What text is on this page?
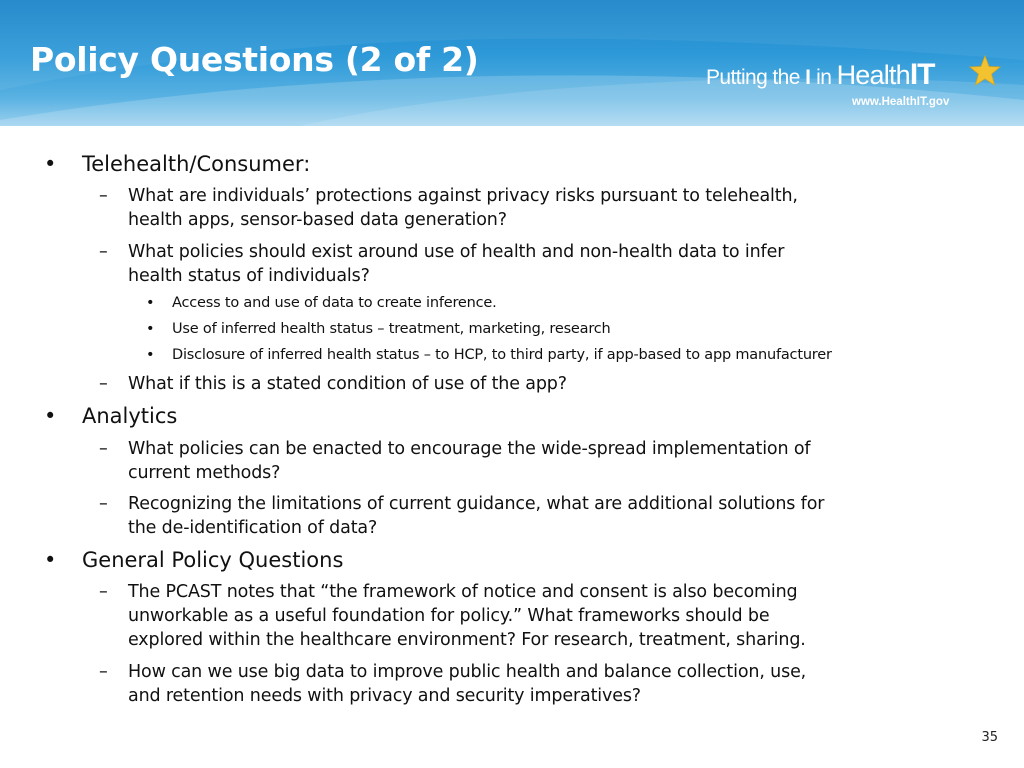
Policy Questions (2 of 2)	Putting the I in HealthIT
www.HealthIT.gov
• Telehealth/Consumer:
– What are individuals’ protections against privacy risks pursuant to telehealth,
health apps, sensor-based data generation?
– What policies should exist around use of health and non-health data to infer
health status of individuals?
• Access to and use of data to create inference.
• Use of inferred health status – treatment, marketing, research
• Disclosure of inferred health status – to HCP, to third party, if app-based to app manufacturer
– What if this is a stated condition of use of the app?
• Analytics
– What policies can be enacted to encourage the wide-spread implementation of
current methods?
– Recognizing the limitations of current guidance, what are additional solutions for
the de-identification of data?
• General Policy Questions
– The PCAST notes that “the framework of notice and consent is also becoming
unworkable as a useful foundation for policy.” What frameworks should be
explored within the healthcare environment? For research, treatment, sharing.
– How can we use big data to improve public health and balance collection, use,
and retention needs with privacy and security imperatives?
35
